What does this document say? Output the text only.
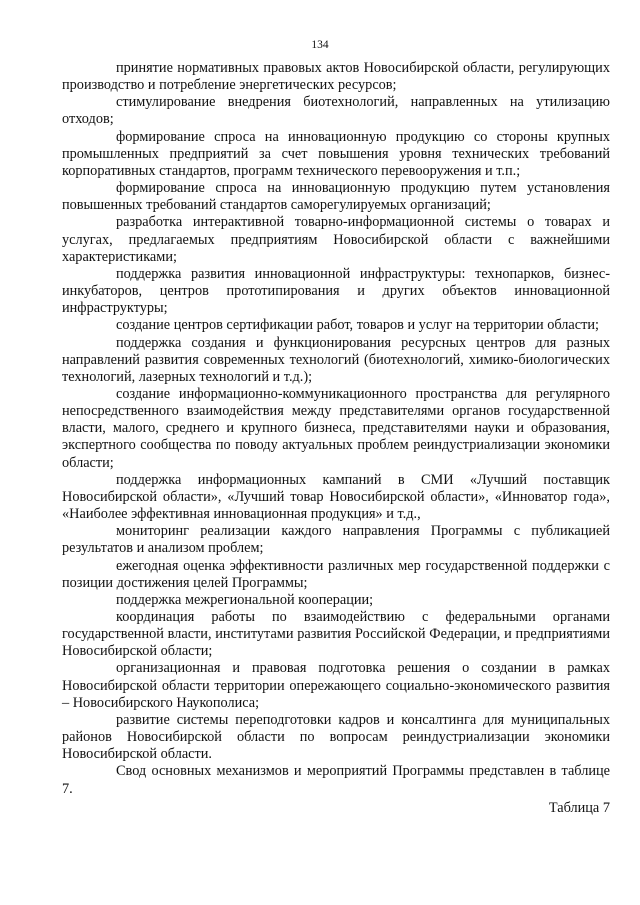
134

принятие нормативных правовых актов Новосибирской области, регулирующих производство и потребление энергетических ресурсов;

стимулирование внедрения биотехнологий, направленных на утилизацию отходов;

формирование спроса на инновационную продукцию со стороны крупных промышленных предприятий за счет повышения уровня технических требований корпоративных стандартов, программ технического перевооружения и т.п.;

формирование спроса на инновационную продукцию путем установления повышенных требований стандартов саморегулируемых организаций;

разработка интерактивной товарно-информационной системы о товарах и услугах, предлагаемых предприятиям Новосибирской области с важнейшими характеристиками;

поддержка развития инновационной инфраструктуры: технопарков, бизнес-инкубаторов, центров прототипирования и других объектов инновационной инфраструктуры;

создание центров сертификации работ, товаров и услуг на территории области;

поддержка создания и функционирования ресурсных центров для разных направлений развития современных технологий (биотехнологий, химико-биологических технологий, лазерных технологий и т.д.);

создание информационно-коммуникационного пространства для регулярного непосредственного взаимодействия между представителями органов государственной власти, малого, среднего и крупного бизнеса, представителями науки и образования, экспертного сообщества по поводу актуальных проблем реиндустриализации экономики области;

поддержка информационных кампаний в СМИ «Лучший поставщик Новосибирской области», «Лучший товар Новосибирской области», «Инноватор года», «Наиболее эффективная инновационная продукция» и т.д.,

мониторинг реализации каждого направления Программы с публикацией результатов и анализом проблем;

ежегодная оценка эффективности различных мер государственной поддержки с позиции достижения целей Программы;

поддержка межрегиональной кооперации;

координация работы по взаимодействию с федеральными органами государственной власти, институтами развития Российской Федерации, и предприятиями Новосибирской области;

организационная и правовая подготовка решения о создании в рамках Новосибирской области территории опережающего социально-экономического развития – Новосибирского Наукополиса;

развитие системы переподготовки кадров и консалтинга для муниципальных районов Новосибирской области по вопросам реиндустриализации экономики Новосибирской области.

Свод основных механизмов и мероприятий Программы представлен в таблице 7.

Таблица 7
